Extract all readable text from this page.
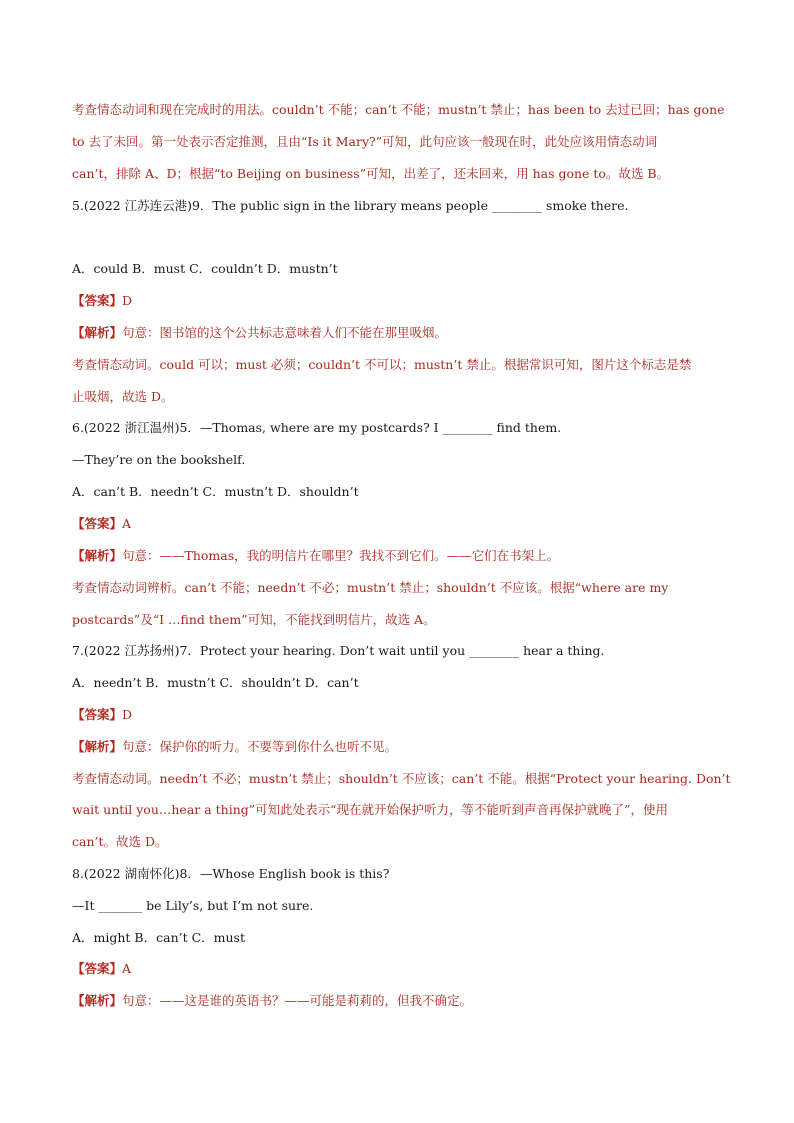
考查情态动词和现在完成时的用法。couldn’t 不能；can’t 不能；mustn’t 禁止；has been to 去过已回；has gone
to 去了未回。第一处表示否定推测，且由“Is it Mary?”可知，此句应该一般现在时，此处应该用情态动词
can’t，排除 A、D；根据“to Beijing on business”可知，出差了，还未回来，用 has gone to。故选 B。
5.(2022 江苏连云港)9．The public sign in the library means people ________ smoke there.
A．could B．must C．couldn’t D．mustn’t
【答案】D
【解析】句意：图书馆的这个公共标志意味着人们不能在那里吸烟。
考查情态动词。could 可以；must 必须；couldn’t 不可以；mustn’t 禁止。根据常识可知，图片这个标志是禁
止吸烟，故选 D。
6.(2022 浙江温州)5．—Thomas, where are my postcards? I ________ find them.
—They’re on the bookshelf.
A．can’t B．needn’t C．mustn’t D．shouldn’t
【答案】A
【解析】句意：——Thomas，我的明信片在哪里？我找不到它们。——它们在书架上。
考查情态动词辨析。can’t 不能；needn’t 不必；mustn’t 禁止；shouldn’t 不应该。根据“where are my
postcards”及“I …find them”可知，不能找到明信片，故选 A。
7.(2022 江苏扬州)7．Protect your hearing. Don’t wait until you ________ hear a thing.
A．needn’t B．mustn’t C．shouldn’t D．can’t
【答案】D
【解析】句意：保护你的听力。不要等到你什么也听不见。
考查情态动词。needn’t 不必；mustn’t 禁止；shouldn’t 不应该；can’t 不能。根据“Protect your hearing. Don’t
wait until you…hear a thing”可知此处表示“现在就开始保护听力，等不能听到声音再保护就晚了”，使用
can’t。故选 D。
8.(2022 湖南怀化)8．—Whose English book is this?
—It _______ be Lily’s, but I’m not sure.
A．might B．can’t C．must
【答案】A
【解析】句意：——这是谁的英语书？——可能是莉莉的，但我不确定。
